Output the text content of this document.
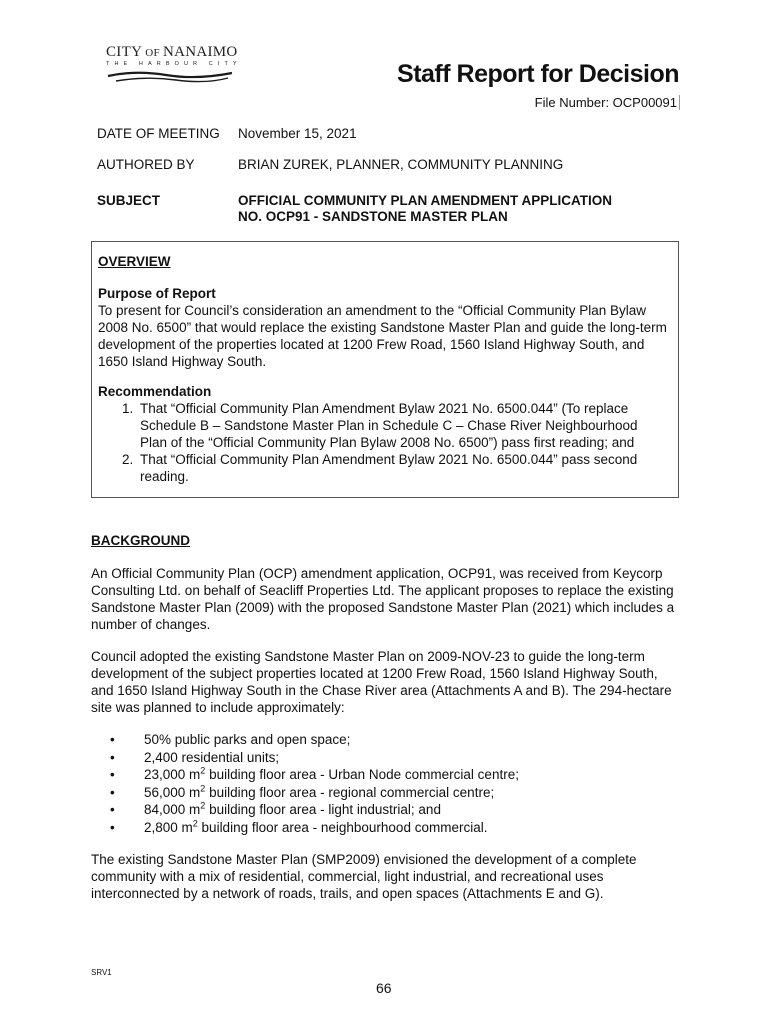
CITY OF NANAIMO
THE HARBOUR CITY	Staff Report for Decision
File Number: OCP00091
DATE OF MEETING November 15, 2021
AUTHORED BY	BRIAN ZUREK, PLANNER, COMMUNITY PLANNING
SUBJECT	OFFICIAL COMMUNITY PLAN AMENDMENT APPLICATION
NO. OCP91 - SANDSTONE MASTER PLAN
OVERVIEW
Purpose of Report
To present for Council’s consideration an amendment to the “Official Community Plan Bylaw 2008 No. 6500” that would replace the existing Sandstone Master Plan and guide the long-term development of the properties located at 1200 Frew Road, 1560 Island Highway South, and 1650 Island Highway South.
Recommendation
1. That “Official Community Plan Amendment Bylaw 2021 No. 6500.044” (To replace Schedule B – Sandstone Master Plan in Schedule C – Chase River Neighbourhood Plan of the “Official Community Plan Bylaw 2008 No. 6500”) pass first reading; and
2. That “Official Community Plan Amendment Bylaw 2021 No. 6500.044” pass second reading.
BACKGROUND
An Official Community Plan (OCP) amendment application, OCP91, was received from Keycorp Consulting Ltd. on behalf of Seacliff Properties Ltd. The applicant proposes to replace the existing Sandstone Master Plan (2009) with the proposed Sandstone Master Plan (2021) which includes a number of changes.
Council adopted the existing Sandstone Master Plan on 2009-NOV-23 to guide the long-term development of the subject properties located at 1200 Frew Road, 1560 Island Highway South, and 1650 Island Highway South in the Chase River area (Attachments A and B). The 294-hectare site was planned to include approximately:
• 50% public parks and open space;
• 2,400 residential units;
• 23,000 $m^2$ building floor area - Urban Node commercial centre;
• 56,000 $m^2$ building floor area - regional commercial centre;
• 84,000 $m^2$ building floor area - light industrial; and
• 2,800 $m^2$ building floor area - neighbourhood commercial.
The existing Sandstone Master Plan (SMP2009) envisioned the development of a complete community with a mix of residential, commercial, light industrial, and recreational uses interconnected by a network of roads, trails, and open spaces (Attachments E and G).
SRV1
66
